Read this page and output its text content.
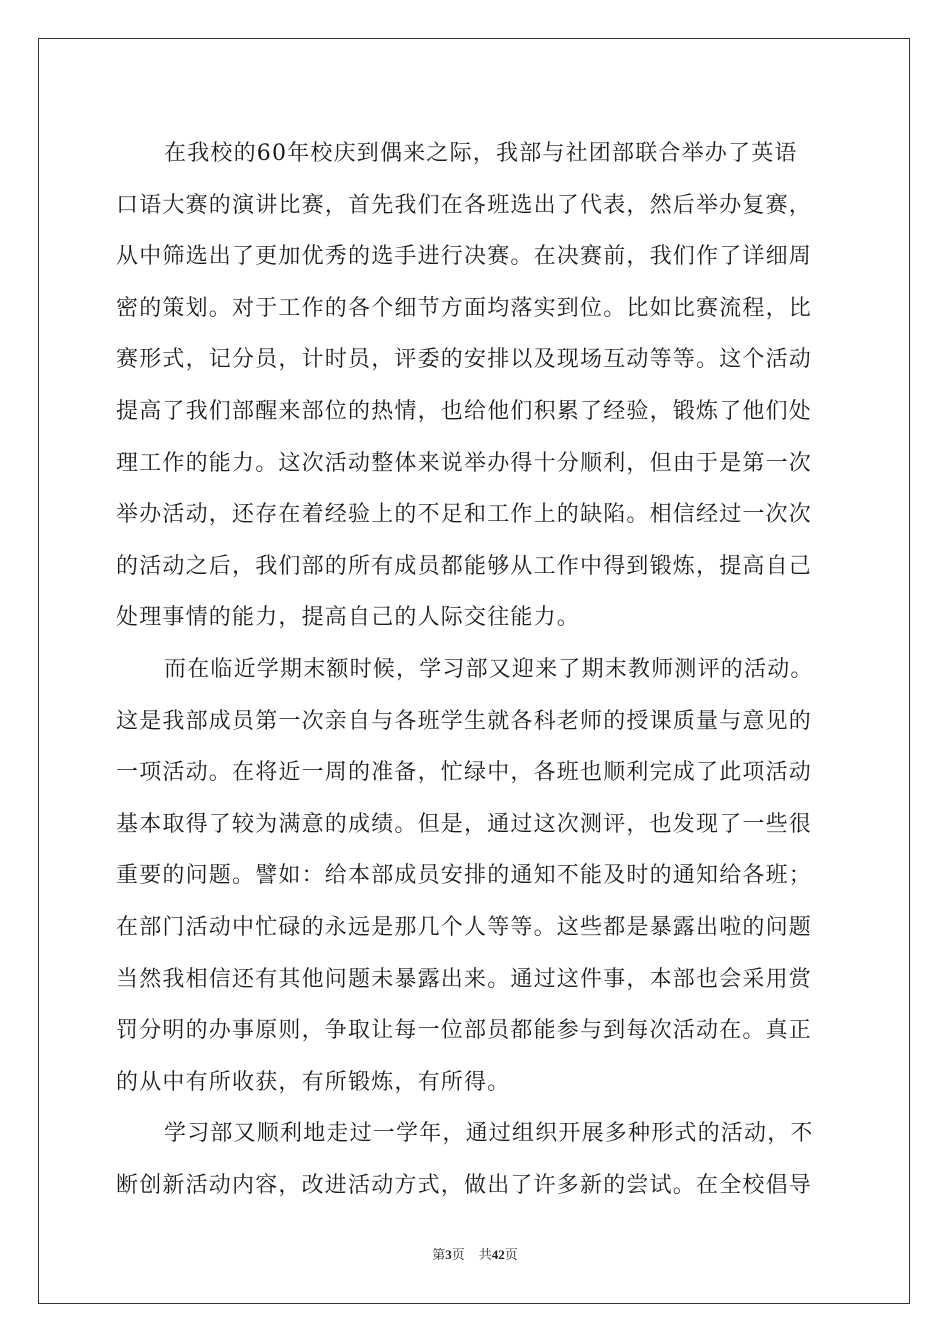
在我校的60年校庆到偶来之际，我部与社团部联合举办了英语
口语大赛的演讲比赛，首先我们在各班选出了代表，然后举办复赛，
从中筛选出了更加优秀的选手进行决赛。在决赛前，我们作了详细周
密的策划。对于工作的各个细节方面均落实到位。比如比赛流程，比
赛形式，记分员，计时员，评委的安排以及现场互动等等。这个活动
提高了我们部醒来部位的热情，也给他们积累了经验，锻炼了他们处
理工作的能力。这次活动整体来说举办得十分顺利，但由于是第一次
举办活动，还存在着经验上的不足和工作上的缺陷。相信经过一次次
的活动之后，我们部的所有成员都能够从工作中得到锻炼，提高自己
处理事情的能力，提高自己的人际交往能力。
而在临近学期末额时候，学习部又迎来了期末教师测评的活动。
这是我部成员第一次亲自与各班学生就各科老师的授课质量与意见的
一项活动。在将近一周的准备，忙绿中，各班也顺利完成了此项活动
基本取得了较为满意的成绩。但是，通过这次测评，也发现了一些很
重要的问题。譬如：给本部成员安排的通知不能及时的通知给各班；
在部门活动中忙碌的永远是那几个人等等。这些都是暴露出啦的问题
当然我相信还有其他问题未暴露出来。通过这件事，本部也会采用赏
罚分明的办事原则，争取让每一位部员都能参与到每次活动在。真正
的从中有所收获，有所锻炼，有所得。
学习部又顺利地走过一学年，通过组织开展多种形式的活动，不
断创新活动内容，改进活动方式，做出了许多新的尝试。在全校倡导
第3页 共42页
